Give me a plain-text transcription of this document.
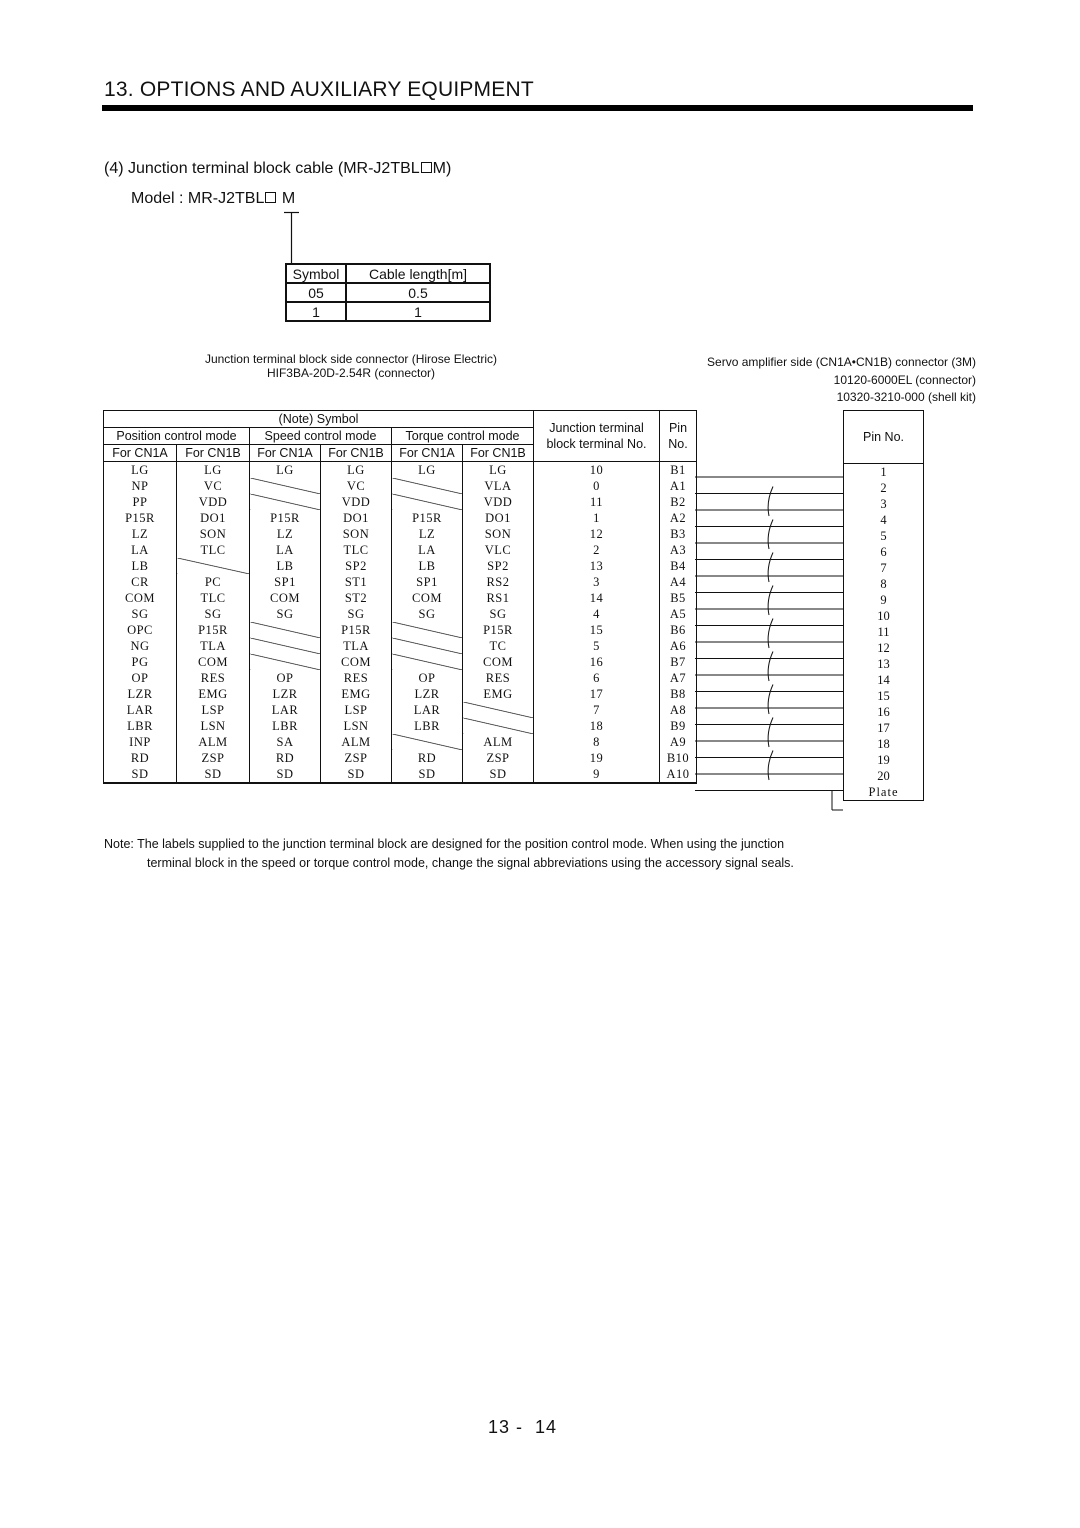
13. OPTIONS AND AUXILIARY EQUIPMENT
(4) Junction terminal block cable (MR-J2TBL M)
Model : MR-J2TBL M
Symbol	Cable length[m]
05	0.5
1	1
Junction terminal block side connector (Hirose Electric)
HIF3BA-20D-2.54R (connector)
Servo amplifier side (CN1A•CN1B) connector (3M)
10120-6000EL (connector)
10320-3210-000 (shell kit)
(Note) Symbol						Junction terminal block terminal No.	Pin No.
Position control mode		Speed control mode		Torque control mode			
For CN1A	For CN1B	For CN1A	For CN1B	For CN1A	For CN1B		
LG	LG	LG	LG	LG	LG	10	B1
NP	VC		VC		VLA	0	A1
PP	VDD		VDD		VDD	11	B2
P15R	DO1	P15R	DO1	P15R	DO1	1	A2
LZ	SON	LZ	SON	LZ	SON	12	B3
LA	TLC	LA	TLC	LA	VLC	2	A3
LB		LB	SP2	LB	SP2	13	B4
CR	PC	SP1	ST1	SP1	RS2	3	A4
COM	TLC	COM	ST2	COM	RS1	14	B5
SG	SG	SG	SG	SG	SG	4	A5
OPC	P15R		P15R		P15R	15	B6
NG	TLA		TLA		TC	5	A6
PG	COM		COM		COM	16	B7
OP	RES	OP	RES	OP	RES	6	A7
LZR	EMG	LZR	EMG	LZR	EMG	17	B8
LAR	LSP	LAR	LSP	LAR		7	A8
LBR	LSN	LBR	LSN	LBR		18	B9
INP	ALM	SA	ALM		ALM	8	A9
RD	ZSP	RD	ZSP	RD	ZSP	19	B10
SD	SD	SD	SD	SD	SD	9	A10
Pin No.
1
2
3
4
5
6
7
8
9
10
11
12
13
14
15
16
17
18
19
20
Plate
Note: The labels supplied to the junction terminal block are designed for the position control mode. When using the junction
terminal block in the speed or torque control mode, change the signal abbreviations using the accessory signal seals.
13 -  14
